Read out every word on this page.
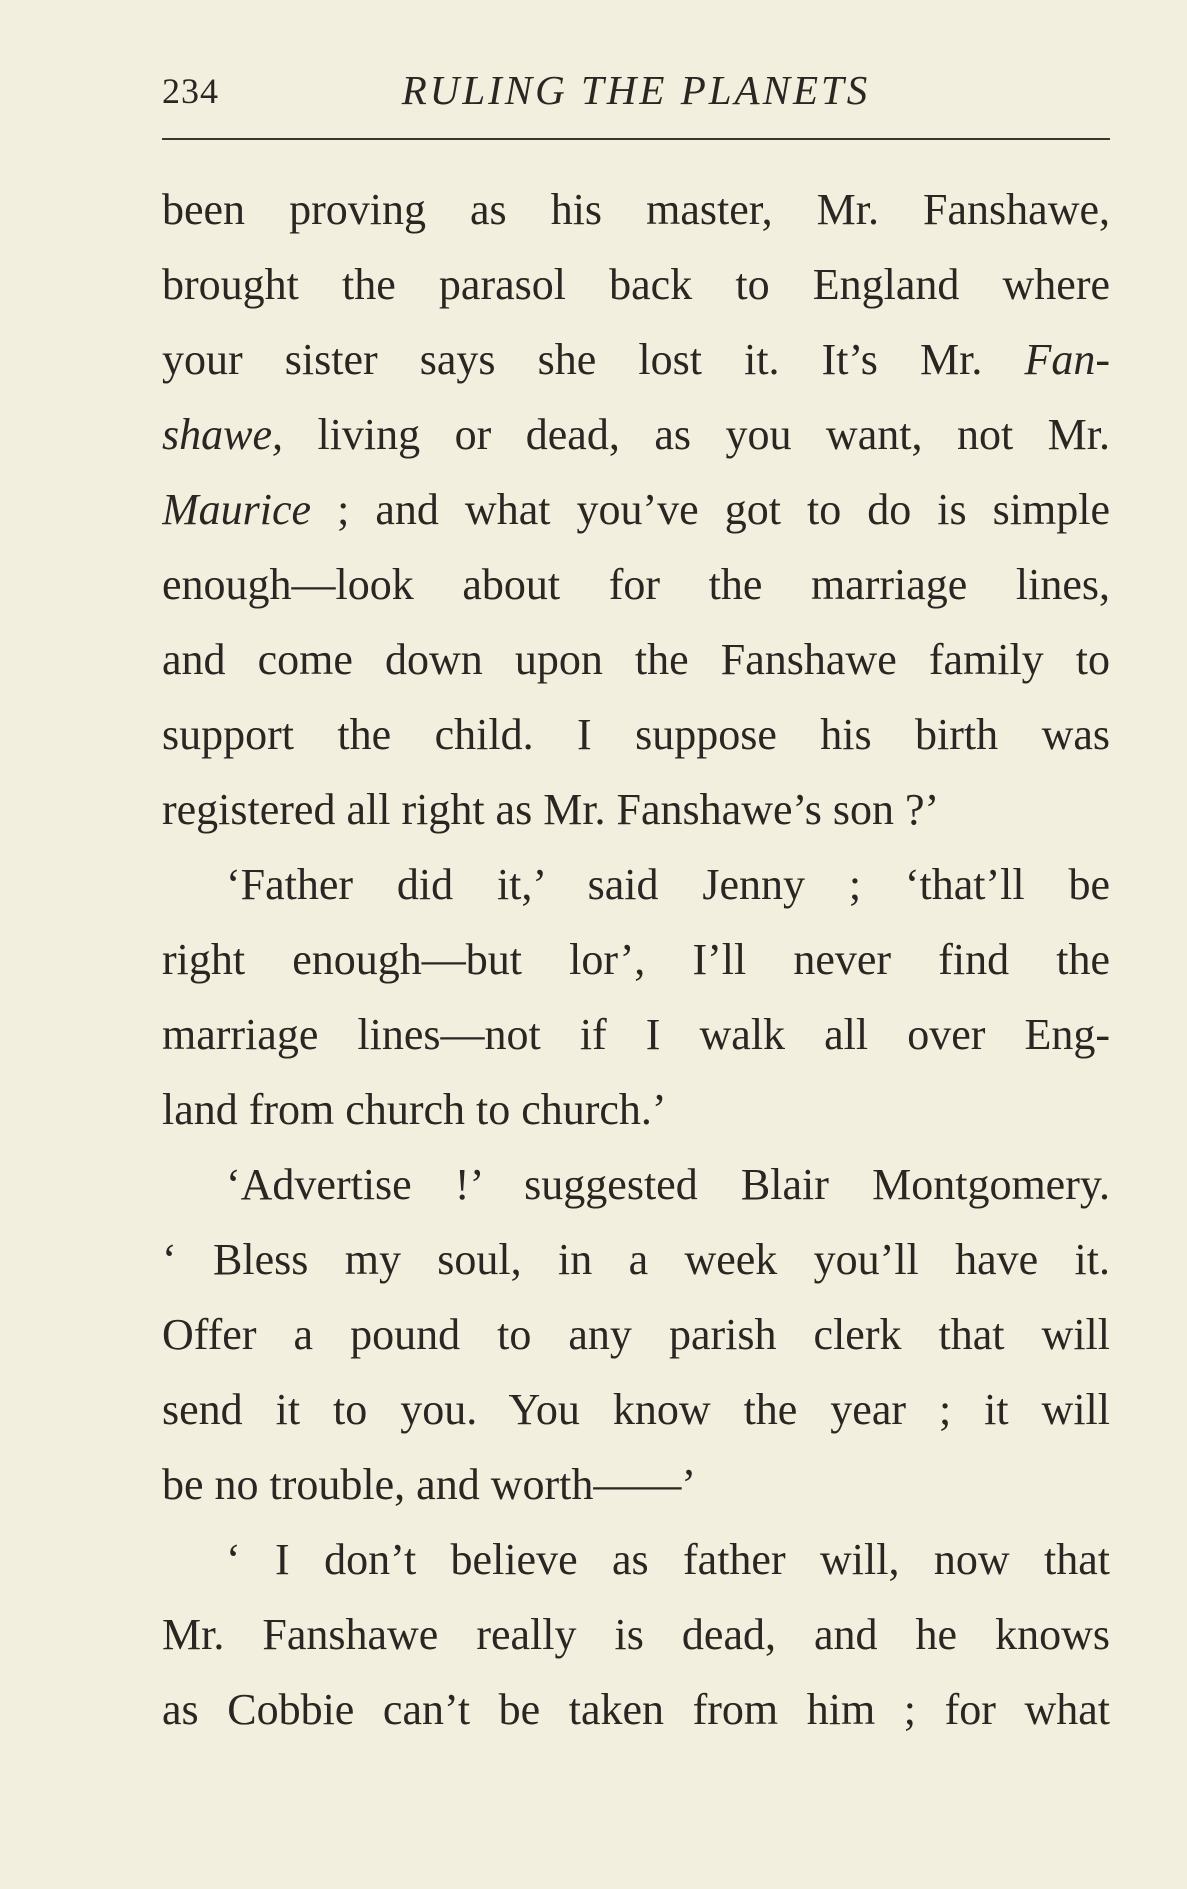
234	RULING THE PLANETS
been proving as his master, Mr. Fanshawe,
brought the parasol back to England where
your sister says she lost it. It’s Mr. Fan-
shawe, living or dead, as you want, not Mr.
Maurice ; and what you’ve got to do is simple
enough—look about for the marriage lines,
and come down upon the Fanshawe family to
support the child. I suppose his birth was
registered all right as Mr. Fanshawe’s son ?’
‘Father did it,’ said Jenny ; ‘that’ll be
right enough—but lor’, I’ll never find the
marriage lines—not if I walk all over Eng-
land from church to church.’
‘Advertise !’ suggested Blair Montgomery.
‘ Bless my soul, in a week you’ll have it.
Offer a pound to any parish clerk that will
send it to you. You know the year ; it will
be no trouble, and worth——’
‘ I don’t believe as father will, now that
Mr. Fanshawe really is dead, and he knows
as Cobbie can’t be taken from him ; for what
